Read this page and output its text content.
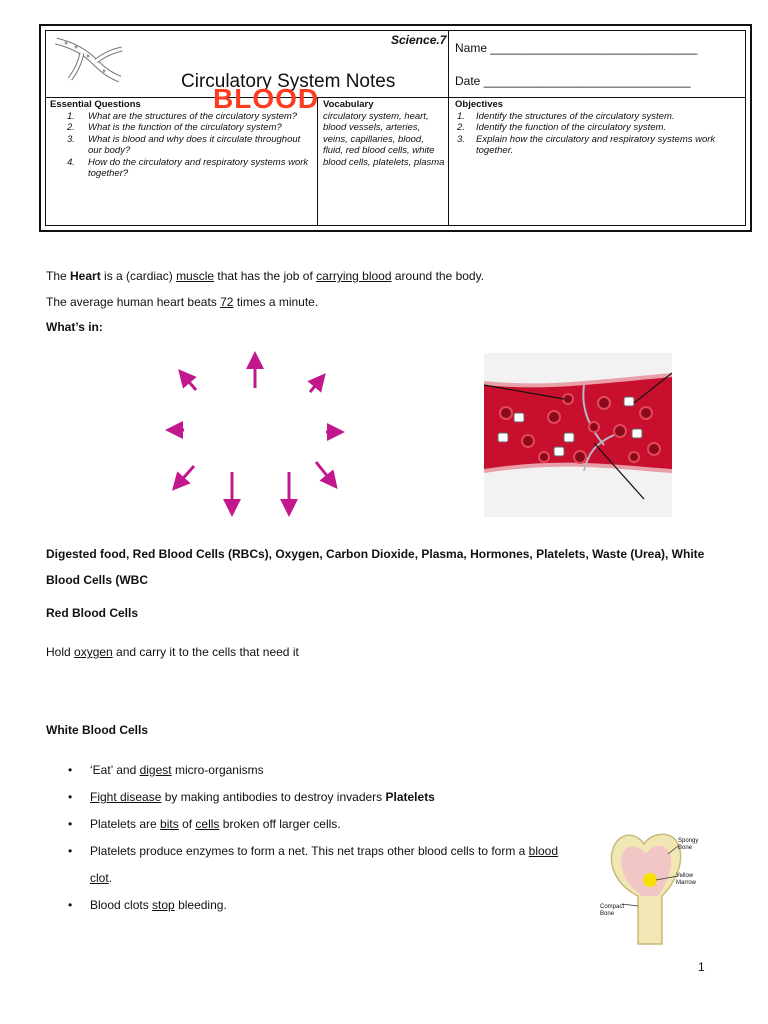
Science.7
Circulatory System Notes
BLOOD
Name _______________________________
Date _______________________________
Essential Questions
1. What are the structures of the circulatory system?
2. What is the function of the circulatory system?
3. What is blood and why does it circulate throughout our body?
4. How do the circulatory and respiratory systems work together?
Vocabulary
circulatory system, heart, blood vessels, arteries, veins, capillaries, blood, fluid, red blood cells, white blood cells, platelets, plasma
Objectives
1. Identify the structures of the circulatory system.
2. Identify the function of the circulatory system.
3. Explain how the circulatory and respiratory systems work together.
The Heart is a (cardiac) muscle that has the job of carrying blood around the body.
The average human heart beats 72 times a minute.
What’s in:
Digested food, Red Blood Cells (RBCs), Oxygen, Carbon Dioxide, Plasma, Hormones, Platelets, Waste (Urea), White Blood Cells (WBC
Red Blood Cells
Hold oxygen and carry it to the cells that need it
White Blood Cells
• ‘Eat’ and digest micro-organisms
• Fight disease by making antibodies to destroy invaders Platelets
• Platelets are bits of cells broken off larger cells.
• Platelets produce enzymes to form a net. This net traps other blood cells to form a blood clot.
• Blood clots stop bleeding.
Spongy Bone
Yellow Marrow
Compact Bone
1
